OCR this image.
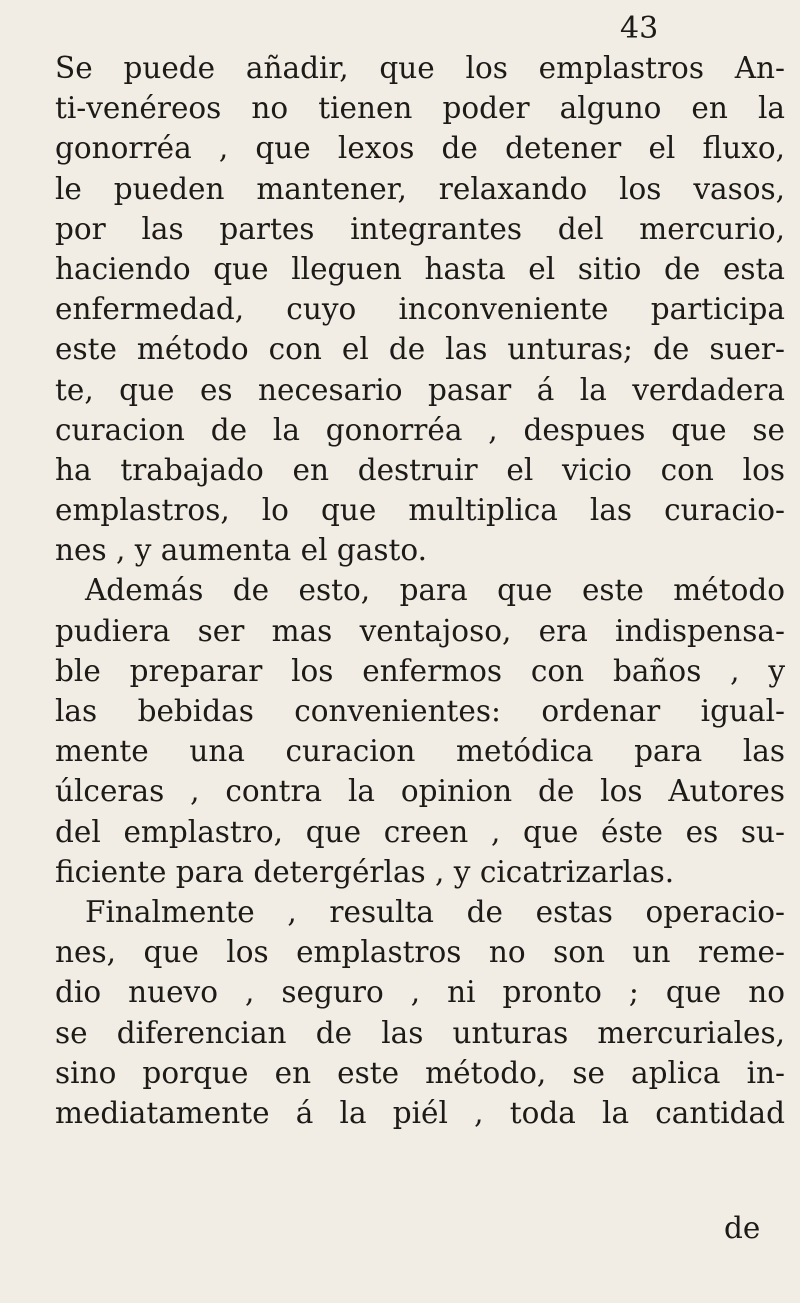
43
Se puede añadir, que los emplastros An-
ti-venéreos no tienen poder alguno en la
gonorréa , que lexos de detener el fluxo,
le pueden mantener, relaxando los vasos,
por las partes integrantes del mercurio,
haciendo que lleguen hasta el sitio de esta
enfermedad, cuyo inconveniente participa
este método con el de las unturas; de suer-
te, que es necesario pasar á la verdadera
curacion de la gonorréa , despues que se
ha trabajado en destruir el vicio con los
emplastros, lo que multiplica las curacio-
nes , y aumenta el gasto.
Además de esto, para que este método
pudiera ser mas ventajoso, era indispensa-
ble preparar los enfermos con baños , y
las bebidas convenientes: ordenar igual-
mente una curacion metódica para las
úlceras , contra la opinion de los Autores
del emplastro, que creen , que éste es su-
ficiente para detergérlas , y cicatrizarlas.
Finalmente , resulta de estas operacio-
nes, que los emplastros no son un reme-
dio nuevo , seguro , ni pronto ; que no
se diferencian de las unturas mercuriales,
sino porque en este método, se aplica in-
mediatamente á la piél , toda la cantidad
de
